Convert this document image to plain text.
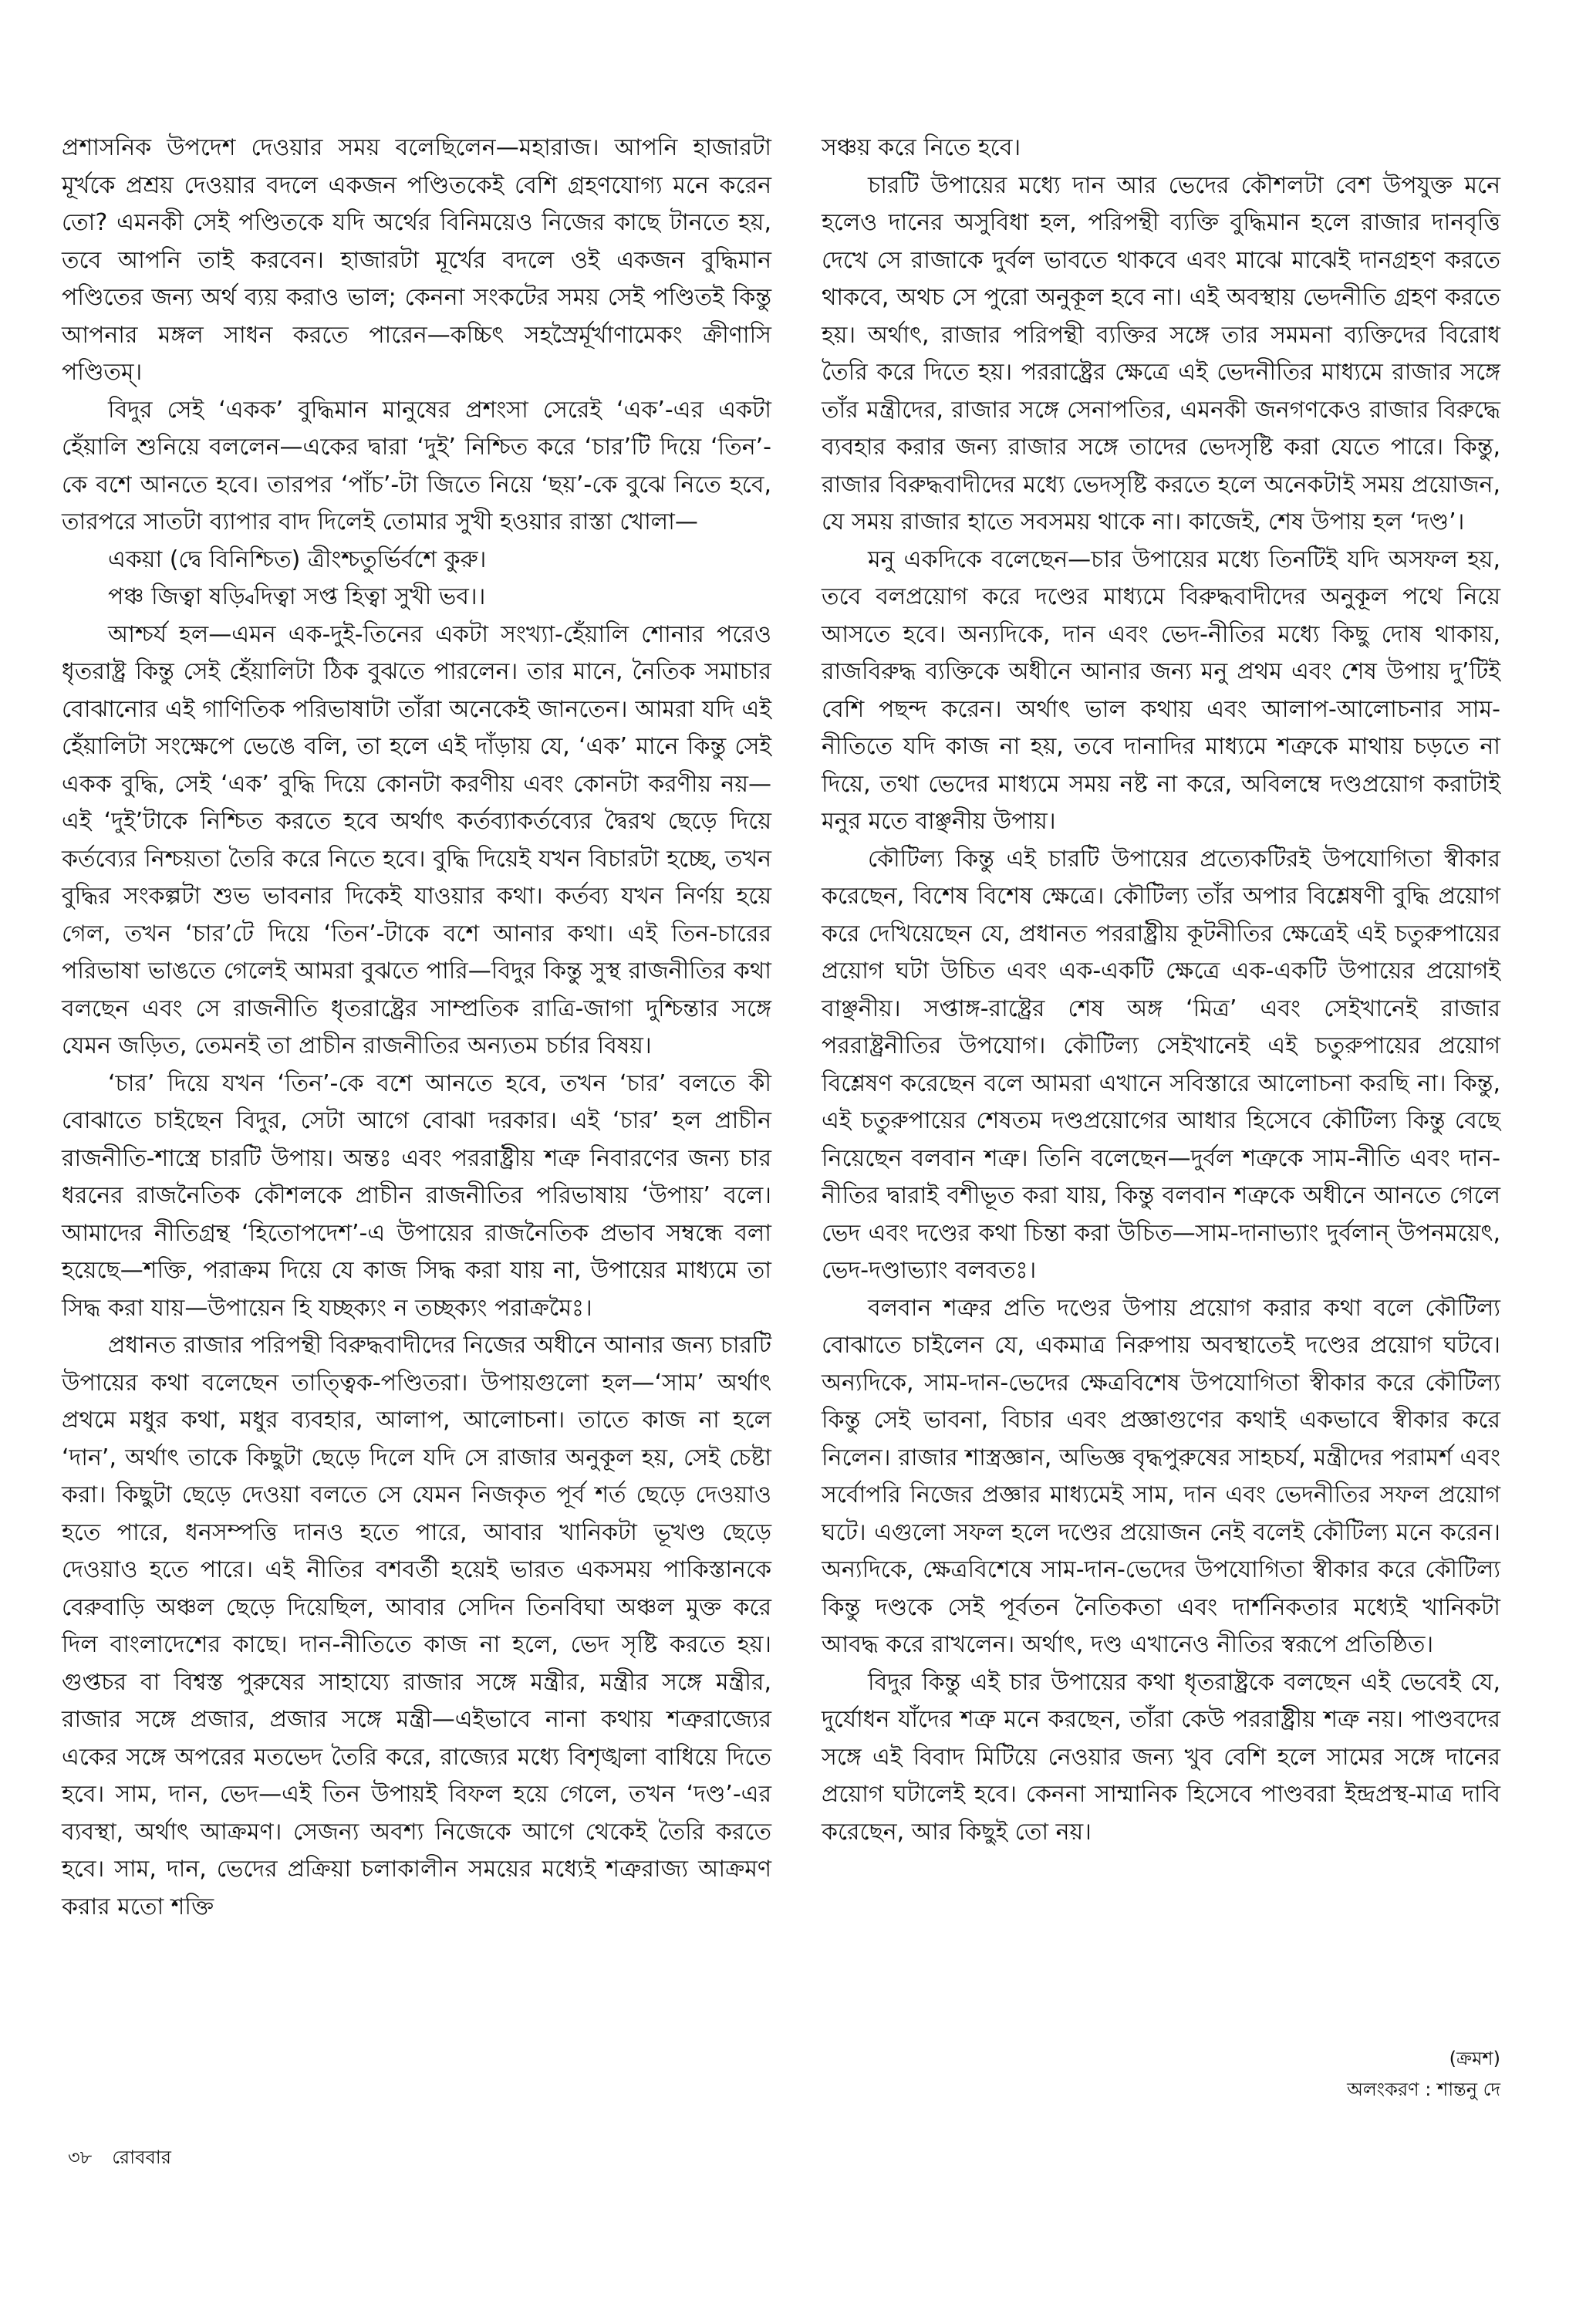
প্রশাসনিক উপদেশ দেওয়ার সময় বলেছিলেন—মহারাজ। আপনি হাজারটা মূর্খকে প্রশ্রয় দেওয়ার বদলে একজন পণ্ডিতকেই বেশি গ্রহণযোগ্য মনে করেন তো? এমনকী সেই পণ্ডিতকে যদি অর্থের বিনিময়েও নিজের কাছে টানতে হয়, তবে আপনি তাই করবেন। হাজারটা মূর্খের বদলে ওই একজন বুদ্ধিমান পণ্ডিতের জন্য অর্থ ব্যয় করাও ভাল; কেননা সংকটের সময় সেই পণ্ডিতই কিন্তু আপনার মঙ্গল সাধন করতে পারেন—কচ্চিৎ সহস্রৈর্মূর্খাণামেকং ক্রীণাসি পণ্ডিতম্।

বিদুর সেই ‘একক’ বুদ্ধিমান মানুষের প্রশংসা সেরেই ‘এক’-এর একটা হেঁয়ালি শুনিয়ে বললেন—একের দ্বারা ‘দুই’ নিশ্চিত করে ‘চার’টি দিয়ে ‘তিন’-কে বশে আনতে হবে। তারপর ‘পাঁচ’-টা জিতে নিয়ে ‘ছয়’-কে বুঝে নিতে হবে, তারপরে সাতটা ব্যাপার বাদ দিলেই তোমার সুখী হওয়ার রাস্তা খোলা—

একয়া (দ্বে বিনিশ্চিত) ত্রীংশ্চতুর্ভির্বশে কুরু।

পঞ্চ জিত্বা ষড়্বিদিত্বা সপ্ত হিত্বা সুখী ভব।।

আশ্চর্য হল—এমন এক-দুই-তিনের একটা সংখ্যা-হেঁয়ালি শোনার পরেও ধৃতরাষ্ট্র কিন্তু সেই হেঁয়ালিটা ঠিক বুঝতে পারলেন। তার মানে, নৈতিক সমাচার বোঝানোর এই গাণিতিক পরিভাষাটা তাঁরা অনেকেই জানতেন। আমরা যদি এই হেঁয়ালিটা সংক্ষেপে ভেঙে বলি, তা হলে এই দাঁড়ায় যে, ‘এক’ মানে কিন্তু সেই একক বুদ্ধি, সেই ‘এক’ বুদ্ধি দিয়ে কোনটা করণীয় এবং কোনটা করণীয় নয়—এই ‘দুই’টাকে নিশ্চিত করতে হবে অর্থাৎ কর্তব্যাকর্তব্যের দ্বৈরথ ছেড়ে দিয়ে কর্তব্যের নিশ্চয়তা তৈরি করে নিতে হবে। বুদ্ধি দিয়েই যখন বিচারটা হচ্ছে, তখন বুদ্ধির সংকল্পটা শুভ ভাবনার দিকেই যাওয়ার কথা। কর্তব্য যখন নির্ণয় হয়ে গেল, তখন ‘চার’টে দিয়ে ‘তিন’-টাকে বশে আনার কথা। এই তিন-চারের পরিভাষা ভাঙতে গেলেই আমরা বুঝতে পারি—বিদুর কিন্তু সুস্থ রাজনীতির কথা বলছেন এবং সে রাজনীতি ধৃতরাষ্ট্রের সাম্প্রতিক রাত্রি-জাগা দুশ্চিন্তার সঙ্গে যেমন জড়িত, তেমনই তা প্রাচীন রাজনীতির অন্যতম চর্চার বিষয়।

‘চার’ দিয়ে যখন ‘তিন’-কে বশে আনতে হবে, তখন ‘চার’ বলতে কী বোঝাতে চাইছেন বিদুর, সেটা আগে বোঝা দরকার। এই ‘চার’ হল প্রাচীন রাজনীতি-শাস্ত্রে চারটি উপায়। অন্তঃ এবং পররাষ্ট্রীয় শত্রু নিবারণের জন্য চার ধরনের রাজনৈতিক কৌশলকে প্রাচীন রাজনীতির পরিভাষায় ‘উপায়’ বলে। আমাদের নীতিগ্রন্থ ‘হিতোপদেশ’-এ উপায়ের রাজনৈতিক প্রভাব সম্বন্ধে বলা হয়েছে—শক্তি, পরাক্রম দিয়ে যে কাজ সিদ্ধ করা যায় না, উপায়ের মাধ্যমে তা সিদ্ধ করা যায়—উপায়েন হি যচ্ছক্যং ন তচ্ছক্যং পরাক্রমৈঃ।

প্রধানত রাজার পরিপন্থী বিরুদ্ধবাদীদের নিজের অধীনে আনার জন্য চারটি উপায়ের কথা বলেছেন তাত্ত্বিক-পণ্ডিতরা। উপায়গুলো হল—‘সাম’ অর্থাৎ প্রথমে মধুর কথা, মধুর ব্যবহার, আলাপ, আলোচনা। তাতে কাজ না হলে ‘দান’, অর্থাৎ তাকে কিছুটা ছেড়ে দিলে যদি সে রাজার অনুকূল হয়, সেই চেষ্টা করা। কিছুটা ছেড়ে দেওয়া বলতে সে যেমন নিজকৃত পূর্ব শর্ত ছেড়ে দেওয়াও হতে পারে, ধনসম্পত্তি দানও হতে পারে, আবার খানিকটা ভূখণ্ড ছেড়ে দেওয়াও হতে পারে। এই নীতির বশবর্তী হয়েই ভারত একসময় পাকিস্তানকে বেরুবাড়ি অঞ্চল ছেড়ে দিয়েছিল, আবার সেদিন তিনবিঘা অঞ্চল মুক্ত করে দিল বাংলাদেশের কাছে। দান-নীতিতে কাজ না হলে, ভেদ সৃষ্টি করতে হয়। গুপ্তচর বা বিশ্বস্ত পুরুষের সাহায্যে রাজার সঙ্গে মন্ত্রীর, মন্ত্রীর সঙ্গে মন্ত্রীর, রাজার সঙ্গে প্রজার, প্রজার সঙ্গে মন্ত্রী—এইভাবে নানা কথায় শত্রুরাজ্যের একের সঙ্গে অপরের মতভেদ তৈরি করে, রাজ্যের মধ্যে বিশৃঙ্খলা বাধিয়ে দিতে হবে। সাম, দান, ভেদ—এই তিন উপায়ই বিফল হয়ে গেলে, তখন ‘দণ্ড’-এর ব্যবস্থা, অর্থাৎ আক্রমণ। সেজন্য অবশ্য নিজেকে আগে থেকেই তৈরি করতে হবে। সাম, দান, ভেদের প্রক্রিয়া চলাকালীন সময়ের মধ্যেই শত্রুরাজ্য আক্রমণ করার মতো শক্তি

সঞ্চয় করে নিতে হবে।

চারটি উপায়ের মধ্যে দান আর ভেদের কৌশলটা বেশ উপযুক্ত মনে হলেও দানের অসুবিধা হল, পরিপন্থী ব্যক্তি বুদ্ধিমান হলে রাজার দানবৃত্তি দেখে সে রাজাকে দুর্বল ভাবতে থাকবে এবং মাঝে মাঝেই দানগ্রহণ করতে থাকবে, অথচ সে পুরো অনুকূল হবে না। এই অবস্থায় ভেদনীতি গ্রহণ করতে হয়। অর্থাৎ, রাজার পরিপন্থী ব্যক্তির সঙ্গে তার সমমনা ব্যক্তিদের বিরোধ তৈরি করে দিতে হয়। পররাষ্ট্রের ক্ষেত্রে এই ভেদনীতির মাধ্যমে রাজার সঙ্গে তাঁর মন্ত্রীদের, রাজার সঙ্গে সেনাপতির, এমনকী জনগণকেও রাজার বিরুদ্ধে ব্যবহার করার জন্য রাজার সঙ্গে তাদের ভেদসৃষ্টি করা যেতে পারে। কিন্তু, রাজার বিরুদ্ধবাদীদের মধ্যে ভেদসৃষ্টি করতে হলে অনেকটাই সময় প্রয়োজন, যে সময় রাজার হাতে সবসময় থাকে না। কাজেই, শেষ উপায় হল ‘দণ্ড’।

মনু একদিকে বলেছেন—চার উপায়ের মধ্যে তিনটিই যদি অসফল হয়, তবে বলপ্রয়োগ করে দণ্ডের মাধ্যমে বিরুদ্ধবাদীদের অনুকূল পথে নিয়ে আসতে হবে। অন্যদিকে, দান এবং ভেদ-নীতির মধ্যে কিছু দোষ থাকায়, রাজবিরুদ্ধ ব্যক্তিকে অধীনে আনার জন্য মনু প্রথম এবং শেষ উপায় দু’টিই বেশি পছন্দ করেন। অর্থাৎ ভাল কথায় এবং আলাপ-আলোচনার সাম-নীতিতে যদি কাজ না হয়, তবে দানাদির মাধ্যমে শত্রুকে মাথায় চড়তে না দিয়ে, তথা ভেদের মাধ্যমে সময় নষ্ট না করে, অবিলম্বে দণ্ডপ্রয়োগ করাটাই মনুর মতে বাঞ্ছনীয় উপায়।

কৌটিল্য কিন্তু এই চারটি উপায়ের প্রত্যেকটিরই উপযোগিতা স্বীকার করেছেন, বিশেষ বিশেষ ক্ষেত্রে। কৌটিল্য তাঁর অপার বিশ্লেষণী বুদ্ধি প্রয়োগ করে দেখিয়েছেন যে, প্রধানত পররাষ্ট্রীয় কূটনীতির ক্ষেত্রেই এই চতুরুপায়ের প্রয়োগ ঘটা উচিত এবং এক-একটি ক্ষেত্রে এক-একটি উপায়ের প্রয়োগই বাঞ্ছনীয়। সপ্তাঙ্গ-রাষ্ট্রের শেষ অঙ্গ ‘মিত্র’ এবং সেইখানেই রাজার পররাষ্ট্রনীতির উপযোগ। কৌটিল্য সেইখানেই এই চতুরুপায়ের প্রয়োগ বিশ্লেষণ করেছেন বলে আমরা এখানে সবিস্তারে আলোচনা করছি না। কিন্তু, এই চতুরুপায়ের শেষতম দণ্ডপ্রয়োগের আধার হিসেবে কৌটিল্য কিন্তু বেছে নিয়েছেন বলবান শত্রু। তিনি বলেছেন—দুর্বল শত্রুকে সাম-নীতি এবং দান-নীতির দ্বারাই বশীভূত করা যায়, কিন্তু বলবান শত্রুকে অধীনে আনতে গেলে ভেদ এবং দণ্ডের কথা চিন্তা করা উচিত—সাম-দানাভ্যাং দুর্বলান্ উপনময়েৎ, ভেদ-দণ্ডাভ্যাং বলবতঃ।

বলবান শত্রুর প্রতি দণ্ডের উপায় প্রয়োগ করার কথা বলে কৌটিল্য বোঝাতে চাইলেন যে, একমাত্র নিরুপায় অবস্থাতেই দণ্ডের প্রয়োগ ঘটবে। অন্যদিকে, সাম-দান-ভেদের ক্ষেত্রবিশেষ উপযোগিতা স্বীকার করে কৌটিল্য কিন্তু সেই ভাবনা, বিচার এবং প্রজ্ঞাগুণের কথাই একভাবে স্বীকার করে নিলেন। রাজার শাস্ত্রজ্ঞান, অভিজ্ঞ বৃদ্ধপুরুষের সাহচর্য, মন্ত্রীদের পরামর্শ এবং সর্বোপরি নিজের প্রজ্ঞার মাধ্যমেই সাম, দান এবং ভেদনীতির সফল প্রয়োগ ঘটে। এগুলো সফল হলে দণ্ডের প্রয়োজন নেই বলেই কৌটিল্য মনে করেন। অন্যদিকে, ক্ষেত্রবিশেষে সাম-দান-ভেদের উপযোগিতা স্বীকার করে কৌটিল্য কিন্তু দণ্ডকে সেই পূর্বতন নৈতিকতা এবং দার্শনিকতার মধ্যেই খানিকটা আবদ্ধ করে রাখলেন। অর্থাৎ, দণ্ড এখানেও নীতির স্বরূপে প্রতিষ্ঠিত।

বিদুর কিন্তু এই চার উপায়ের কথা ধৃতরাষ্ট্রকে বলছেন এই ভেবেই যে, দুর্যোধন যাঁদের শত্রু মনে করছেন, তাঁরা কেউ পররাষ্ট্রীয় শত্রু নয়। পাণ্ডবদের সঙ্গে এই বিবাদ মিটিয়ে নেওয়ার জন্য খুব বেশি হলে সামের সঙ্গে দানের প্রয়োগ ঘটালেই হবে। কেননা সাম্মানিক হিসেবে পাণ্ডবরা ইন্দ্রপ্রস্থ-মাত্র দাবি করেছেন, আর কিছুই তো নয়।

(ক্রমশ)
অলংকরণ : শান্তনু দে
৩৮ রোববার
